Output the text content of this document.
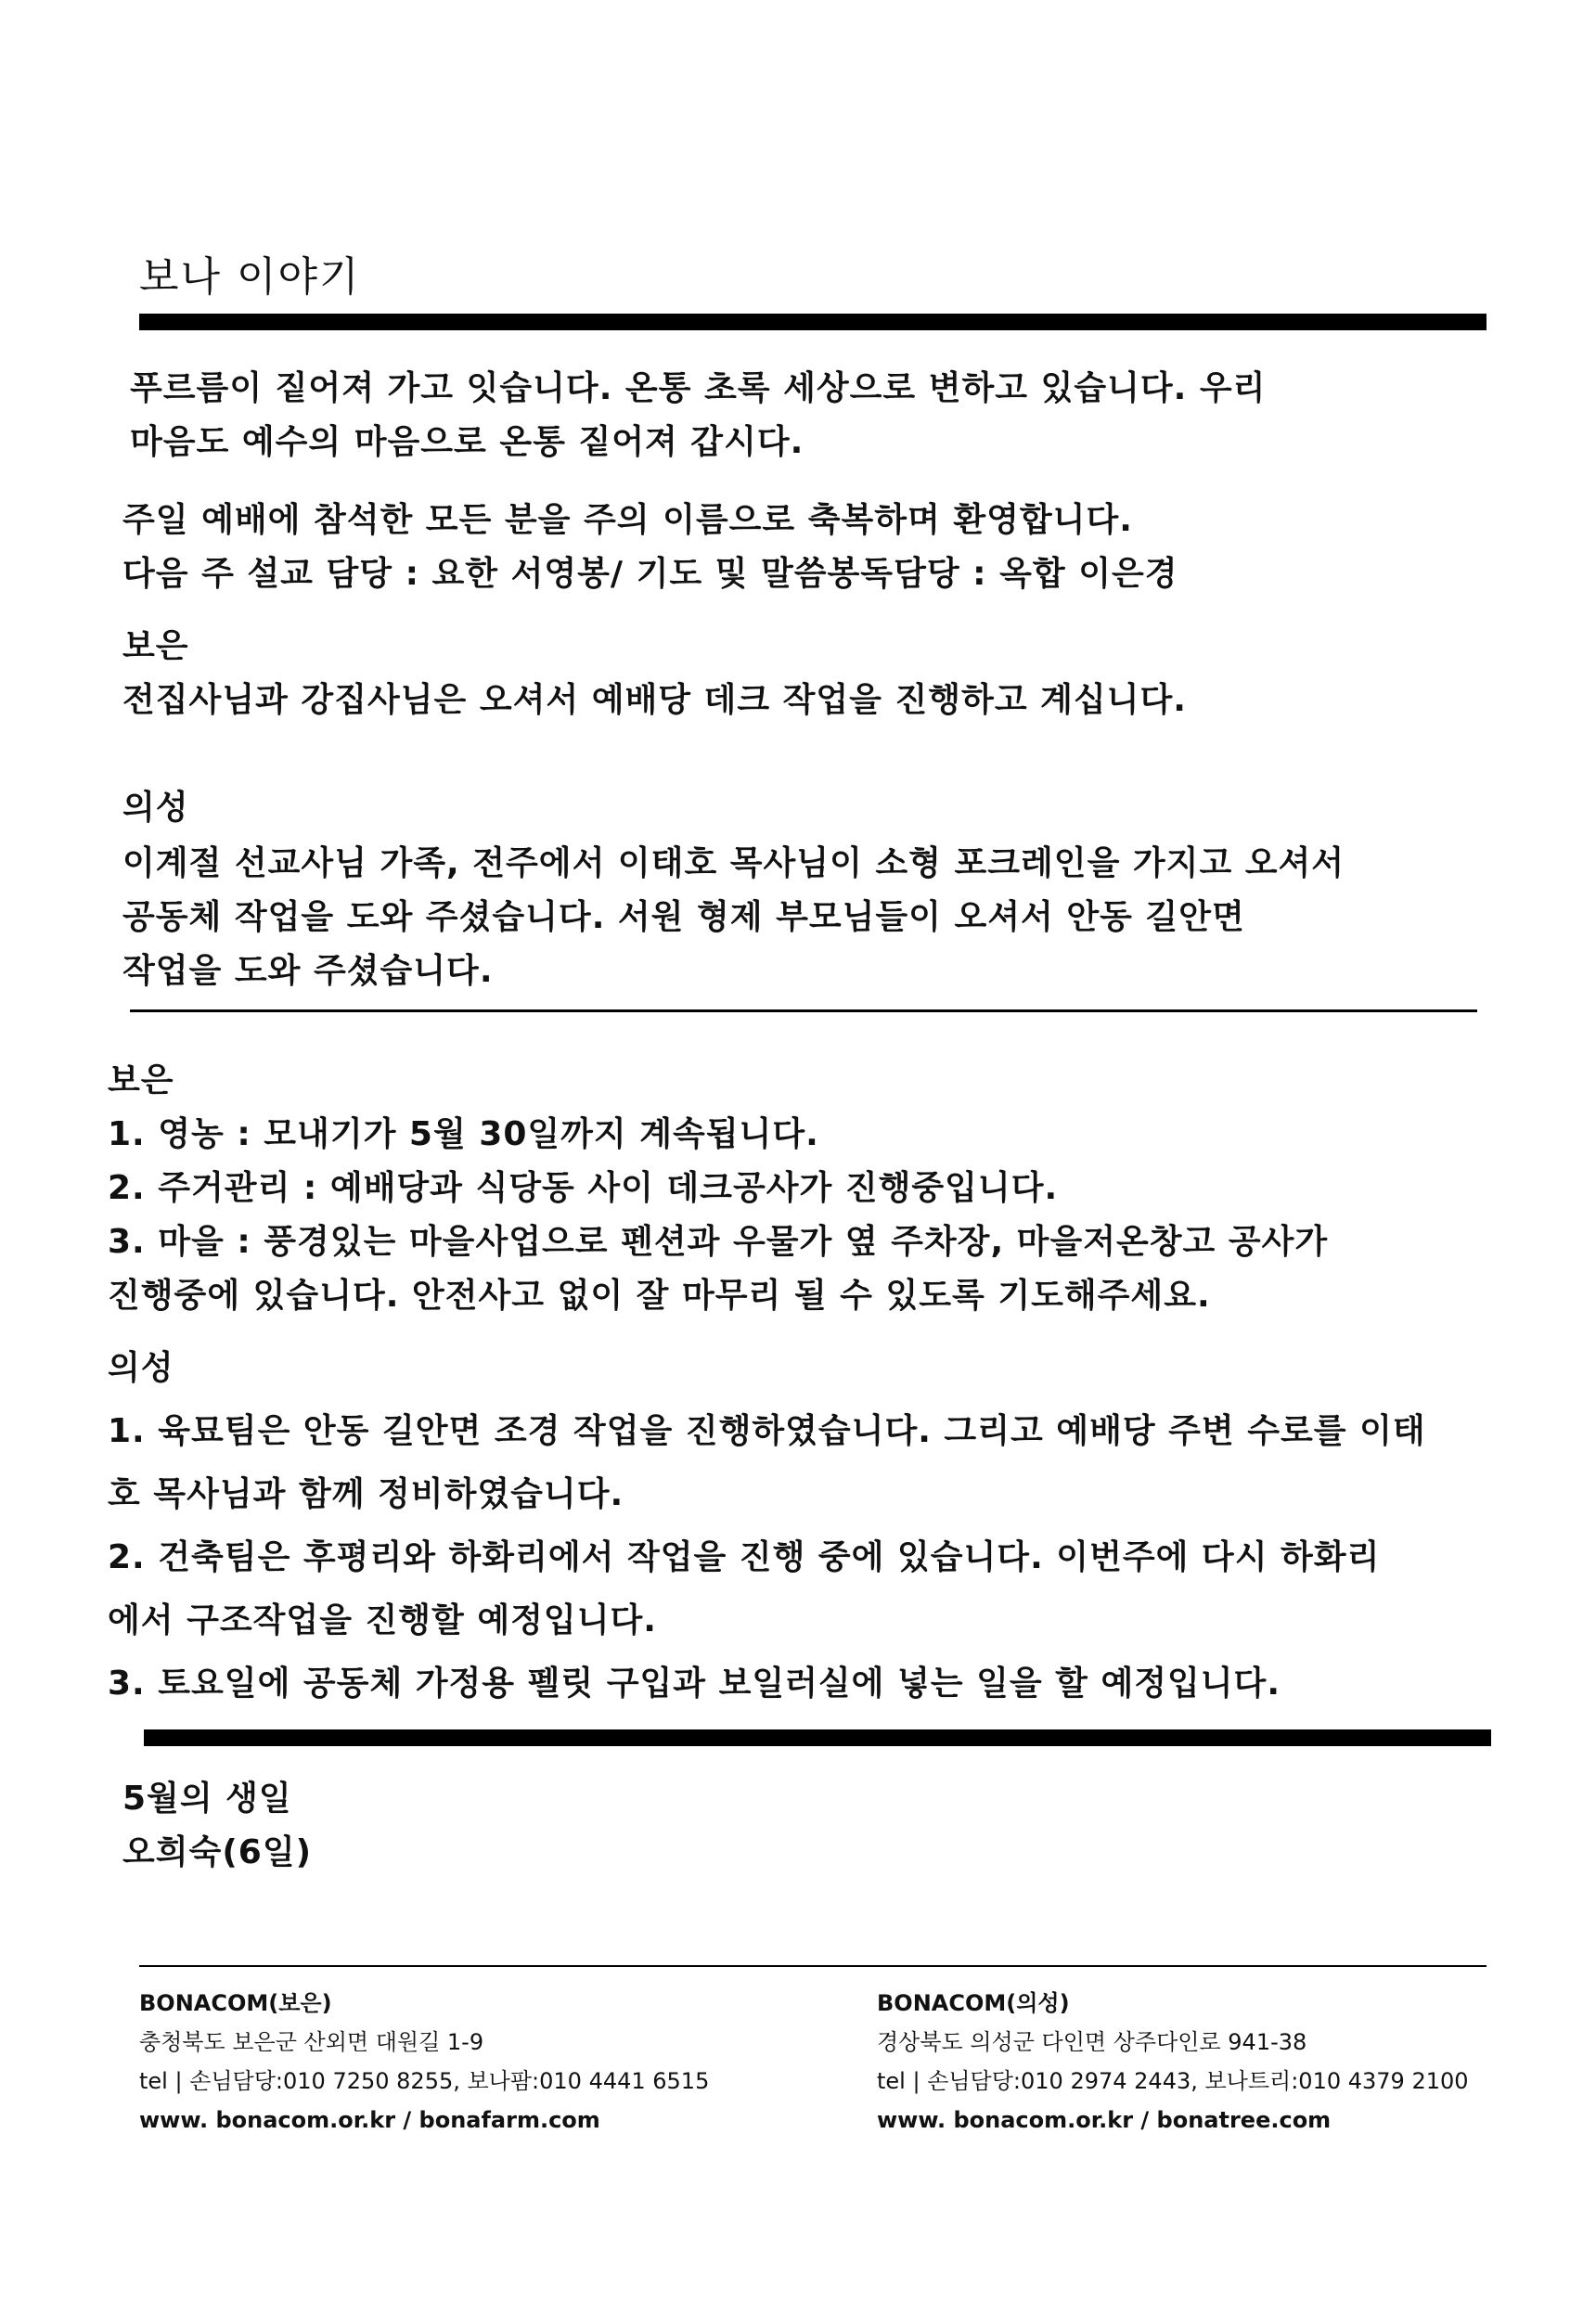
보나 이야기
푸르름이 짙어져 가고 잇습니다. 온통 초록 세상으로 변하고 있습니다. 우리
마음도 예수의 마음으로 온통 짙어져 갑시다.
주일 예배에 참석한 모든 분을 주의 이름으로 축복하며 환영합니다.
다음 주 설교 담당 : 요한 서영봉/ 기도 및 말씀봉독담당 : 옥합 이은경
보은
전집사님과 강집사님은 오셔서 예배당 데크 작업을 진행하고 계십니다.
의성
이계절 선교사님 가족, 전주에서 이태호 목사님이 소형 포크레인을 가지고 오셔서
공동체 작업을 도와 주셨습니다. 서원 형제 부모님들이 오셔서 안동 길안면
작업을 도와 주셨습니다.
보은
1. 영농 : 모내기가 5월 30일까지 계속됩니다.
2. 주거관리 : 예배당과 식당동 사이 데크공사가 진행중입니다.
3. 마을 : 풍경있는 마을사업으로 펜션과 우물가 옆 주차장, 마을저온창고 공사가
진행중에 있습니다. 안전사고 없이 잘 마무리 될 수 있도록 기도해주세요.
의성
1. 육묘팀은 안동 길안면 조경 작업을 진행하였습니다. 그리고 예배당 주변 수로를 이태
호 목사님과 함께 정비하였습니다.
2. 건축팀은 후평리와 하화리에서 작업을 진행 중에 있습니다. 이번주에 다시 하화리
에서 구조작업을 진행할 예정입니다.
3. 토요일에 공동체 가정용 펠릿 구입과 보일러실에 넣는 일을 할 예정입니다.
5월의 생일
오희숙(6일)
BONACOM(보은)
충청북도 보은군 산외면 대원길 1-9
tel | 손님담당:010 7250 8255, 보나팜:010 4441 6515
www. bonacom.or.kr / bonafarm.com
BONACOM(의성)
경상북도 의성군 다인면 상주다인로 941-38
tel | 손님담당:010 2974 2443, 보나트리:010 4379 2100
www. bonacom.or.kr / bonatree.com
